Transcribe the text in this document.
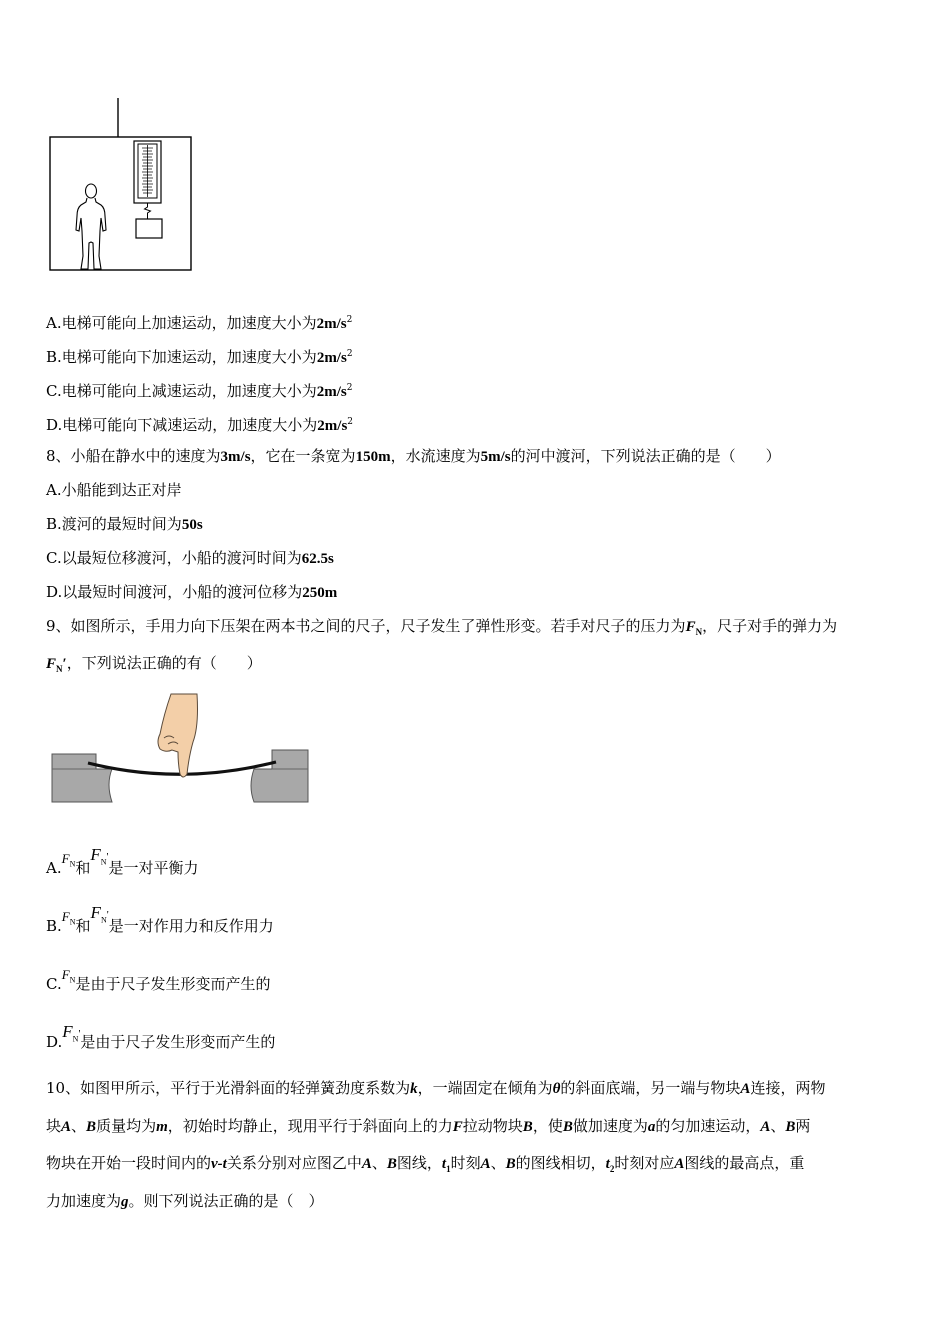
A.电梯可能向上加速运动，加速度大小为$2m/s^2$
B.电梯可能向下加速运动，加速度大小为$2m/s^2$
C.电梯可能向上减速运动，加速度大小为$2m/s^2$
D.电梯可能向下减速运动，加速度大小为$2m/s^2$
8、小船在静水中的速度为3m/s，它在一条宽为150m，水流速度为5m/s的河中渡河，下列说法正确的是（　　）
A.小船能到达正对岸
B.渡河的最短时间为50s
C.以最短位移渡河，小船的渡河时间为62.5s
D.以最短时间渡河，小船的渡河位移为250m
9、如图所示，手用力向下压架在两本书之间的尺子，尺子发生了弹性形变。若手对尺子的压力为$F_N$，尺子对手的弹力为
$F_N'$，下列说法正确的有（　　）
$A.F_N$和$F_N'$是一对平衡力
$B.F_N$和$F_N'$是一对作用力和反作用力
$C.F_N$是由于尺子发生形变而产生的
$D.F_N'$是由于尺子发生形变而产生的
10、如图甲所示，平行于光滑斜面的轻弹簧劲度系数为k，一端固定在倾角为θ的斜面底端，另一端与物块A连接，两物
块A、B质量均为m，初始时均静止，现用平行于斜面向上的力F拉动物块B，使B做加速度为a的匀加速运动，A、B两
物块在开始一段时间内的v-t关系分别对应图乙中A、B图线，$t_1$时刻A、B的图线相切，$t_2$时刻对应A图线的最高点，重
力加速度为g。则下列说法正确的是（　）
